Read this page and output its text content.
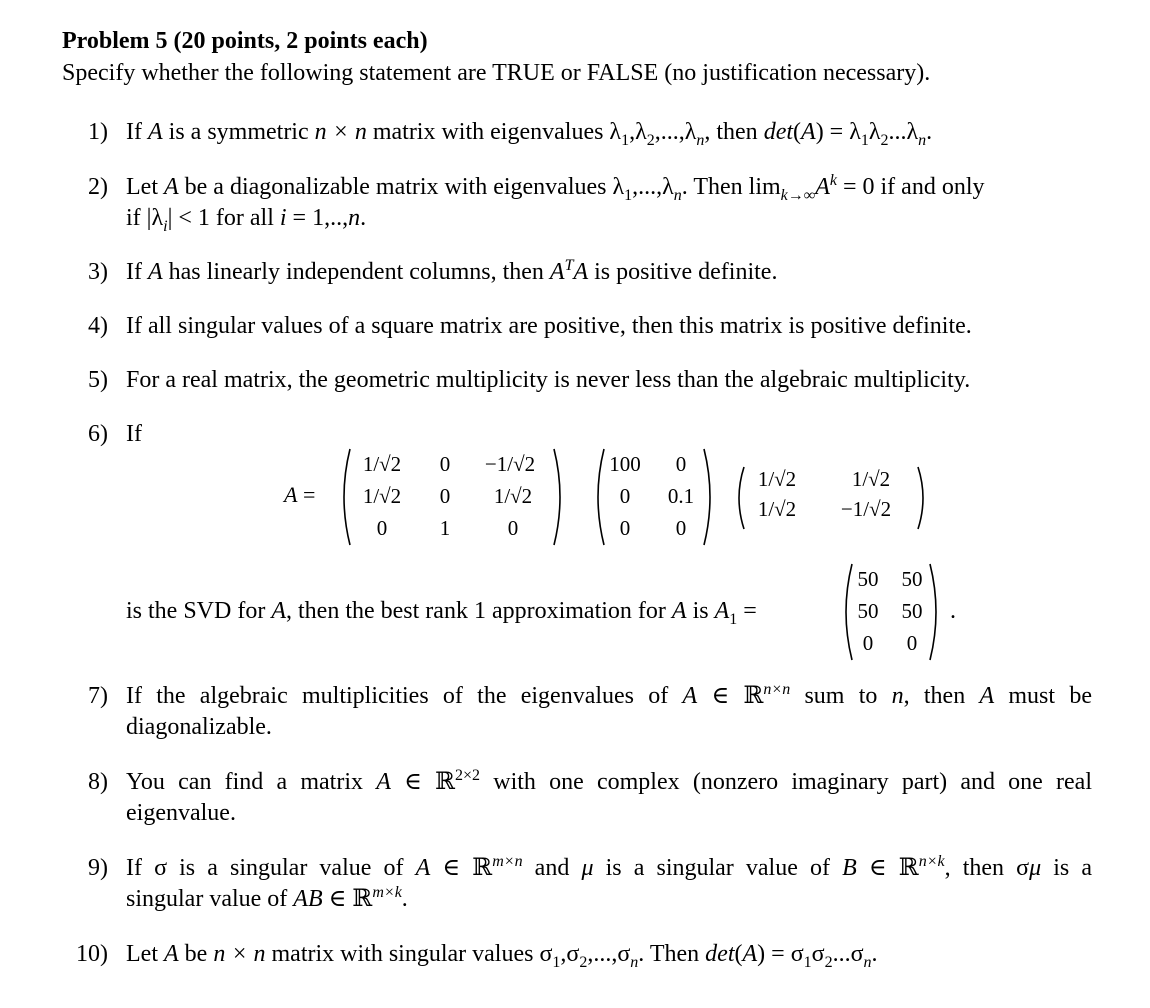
Problem 5 (20 points, 2 points each)
Specify whether the following statement are TRUE or FALSE (no justification necessary).
1) If A is a symmetric n × n matrix with eigenvalues $\lambda_1,\lambda_2,...,\lambda_n$, then $\det(A) = \lambda_1\lambda_2...\lambda_n$.
2) Let A be a diagonalizable matrix with eigenvalues $\lambda_1,...,\lambda_n$. Then $\lim_{k\to\infty}A^k = 0$ if and only
if $|\lambda_i| < 1$ for all i = 1,..,n.
3) If A has linearly independent columns, then $A^TA$ is positive definite.
4) If all singular values of a square matrix are positive, then this matrix is positive definite.
5) For a real matrix, the geometric multiplicity is never less than the algebraic multiplicity.
6) If
A =
1/√2	0	−1/√2
1/√2	0	1/√2
0	1	0
100	0
0	0.1
0	0
1/√2	1/√2
1/√2	−1/√2
is the SVD for A, then the best rank 1 approximation for A is $A_1$ =
50 50
50 50
0	0
.
7) If the algebraic multiplicities of the eigenvalues of A ∈ ℝ$^{n\times n}$ sum to n, then A must be
diagonalizable.
8) You can find a matrix A ∈ ℝ$^{2\times 2}$ with one complex (nonzero imaginary part) and one real
eigenvalue.
9) If σ is a singular value of A ∈ ℝ$^{m\times n}$ and μ is a singular value of B ∈ ℝ$^{n\times k}$, then σμ is a
singular value of AB ∈ ℝ$^{m\times k}$.
10) Let A be n × n matrix with singular values $\sigma_1,\sigma_2,...,\sigma_n$. Then $\det(A) = \sigma_1\sigma_2...\sigma_n$.
